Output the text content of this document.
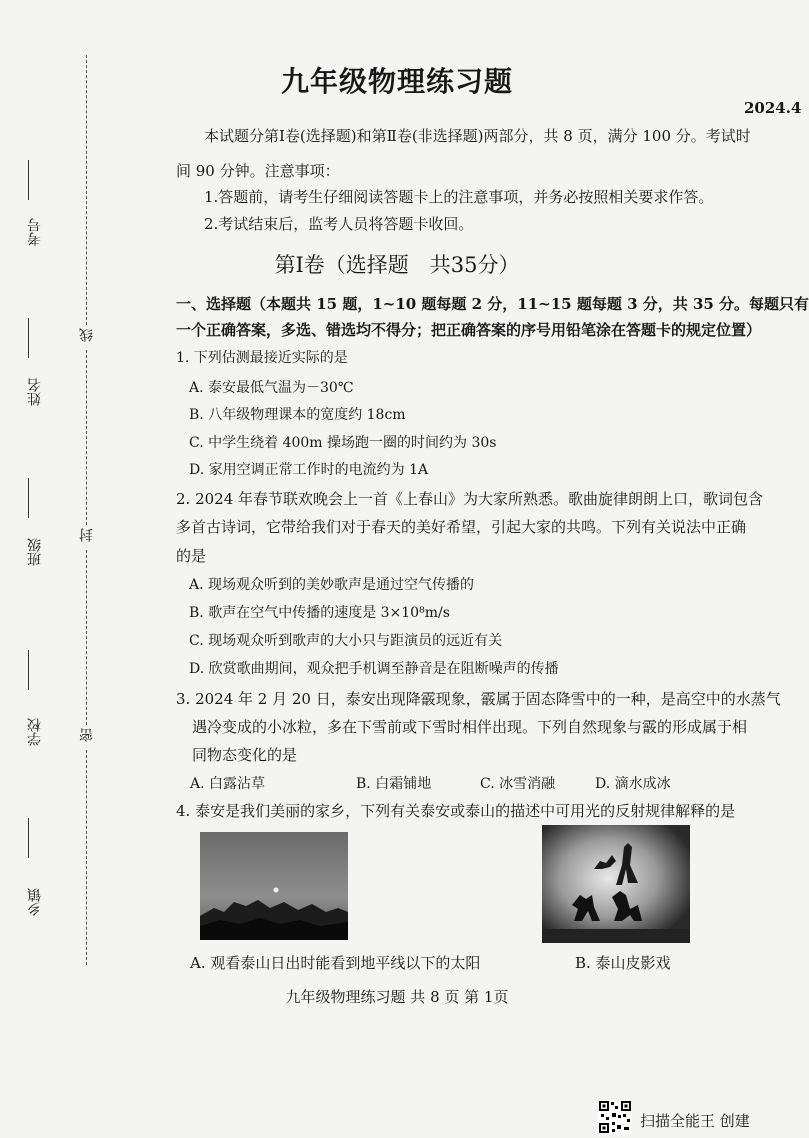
考号
姓名
班级
学校
乡镇
线
封
密
九年级物理练习题
2024.4
本试题分第Ⅰ卷(选择题)和第Ⅱ卷(非选择题)两部分，共 8 页，满分 100 分。考试时
间 90 分钟。注意事项：
1.答题前，请考生仔细阅读答题卡上的注意事项，并务必按照相关要求作答。
2.考试结束后，监考人员将答题卡收回。
第Ⅰ卷（选择题　共35分）
一、选择题（本题共 15 题，1~10 题每题 2 分，11~15 题每题 3 分，共 35 分。每题只有
一个正确答案，多选、错选均不得分；把正确答案的序号用铅笔涂在答题卡的规定位置）
1. 下列估测最接近实际的是
A. 泰安最低气温为－30℃
B. 八年级物理课本的宽度约 18cm
C. 中学生绕着 400m 操场跑一圈的时间约为 30s
D. 家用空调正常工作时的电流约为 1A
2. 2024 年春节联欢晚会上一首《上春山》为大家所熟悉。歌曲旋律朗朗上口，歌词包含
多首古诗词，它带给我们对于春天的美好希望，引起大家的共鸣。下列有关说法中正确
的是
A. 现场观众听到的美妙歌声是通过空气传播的
B. 歌声在空气中传播的速度是 3×10⁸m/s
C. 现场观众听到歌声的大小只与距演员的远近有关
D. 欣赏歌曲期间，观众把手机调至静音是在阻断噪声的传播
3. 2024 年 2 月 20 日，泰安出现降霰现象，霰属于固态降雪中的一种，是高空中的水蒸气
遇冷变成的小冰粒，多在下雪前或下雪时相伴出现。下列自然现象与霰的形成属于相
同物态变化的是
A. 白露沾草	B. 白霜铺地	C. 冰雪消融	D. 滴水成冰
4. 泰安是我们美丽的家乡，下列有关泰安或泰山的描述中可用光的反射规律解释的是
A. 观看泰山日出时能看到地平线以下的太阳	B. 泰山皮影戏
九年级物理练习题 共 8 页 第 1页
扫描全能王 创建
